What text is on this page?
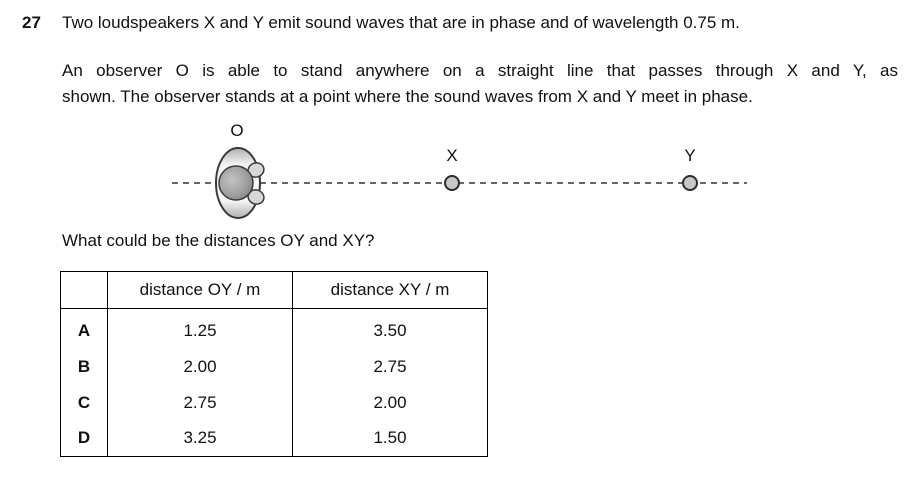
27 Two loudspeakers X and Y emit sound waves that are in phase and of wavelength 0.75 m.
An observer O is able to stand anywhere on a straight line that passes through X and Y, as
shown. The observer stands at a point where the sound waves from X and Y meet in phase.
O
X	Y
What could be the distances OY and XY?
	distance OY / m	distance XY / m
A	1.25	3.50
B	2.00	2.75
C	2.75	2.00
D	3.25	1.50
